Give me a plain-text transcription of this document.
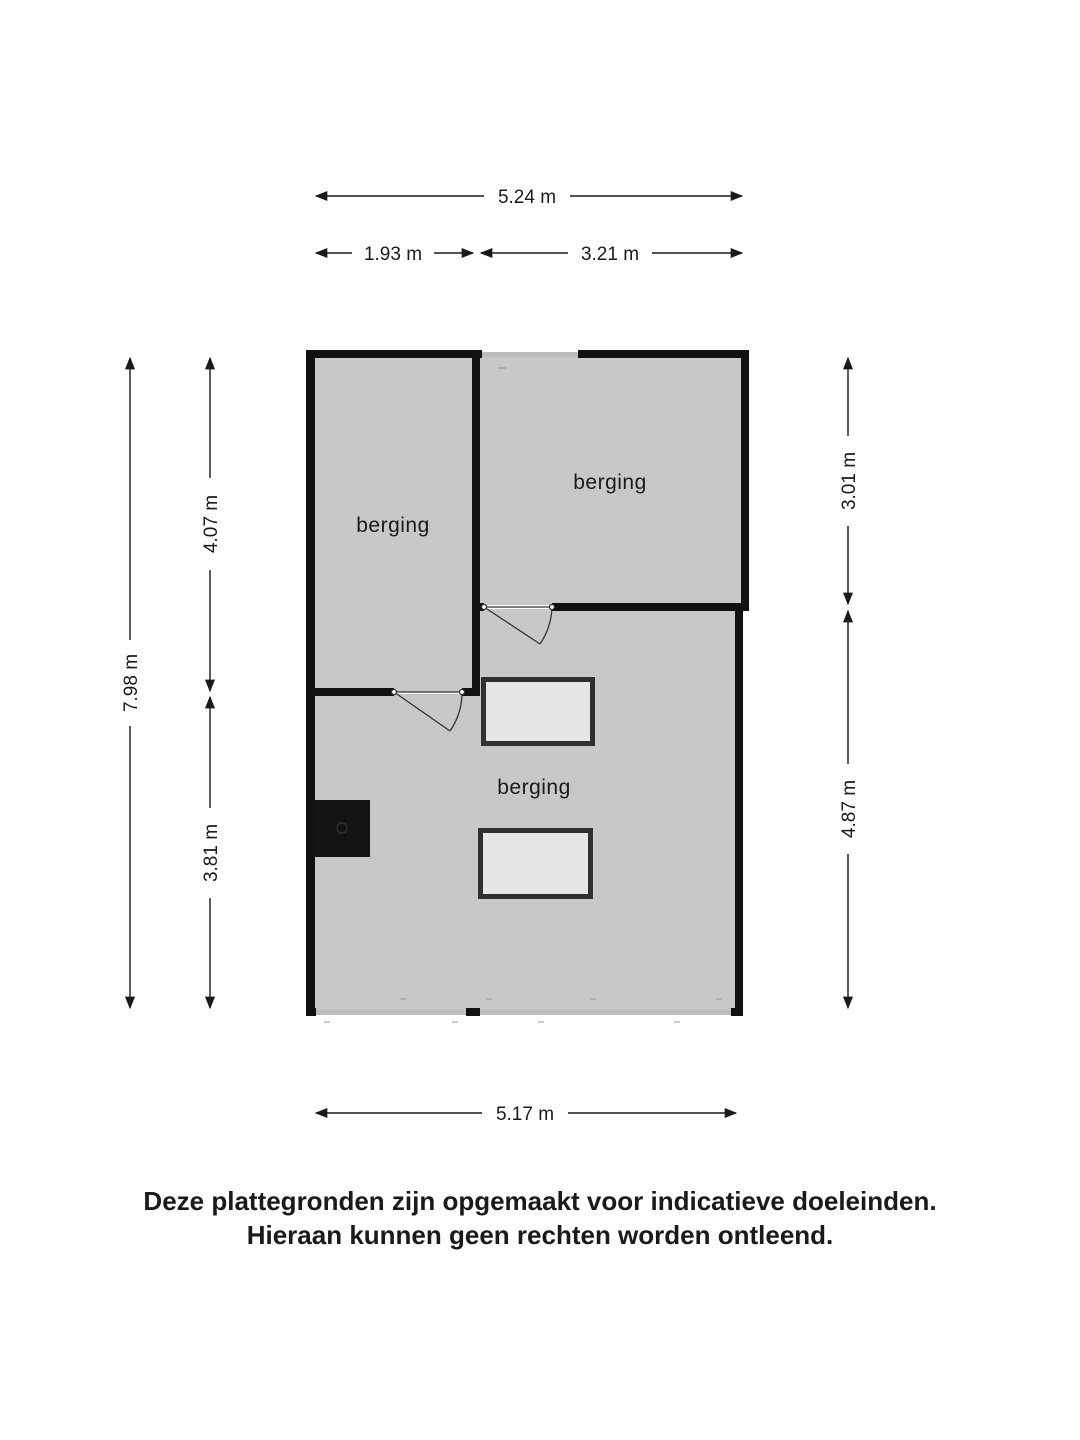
berging
berging
berging
5.24 m
1.93 m	3.21 m
5.17 m
7.98 m
4.07 m
3.81 m
3.01 m
4.87 m
Deze plattegronden zijn opgemaakt voor indicatieve doeleinden.
Hieraan kunnen geen rechten worden ontleend.
